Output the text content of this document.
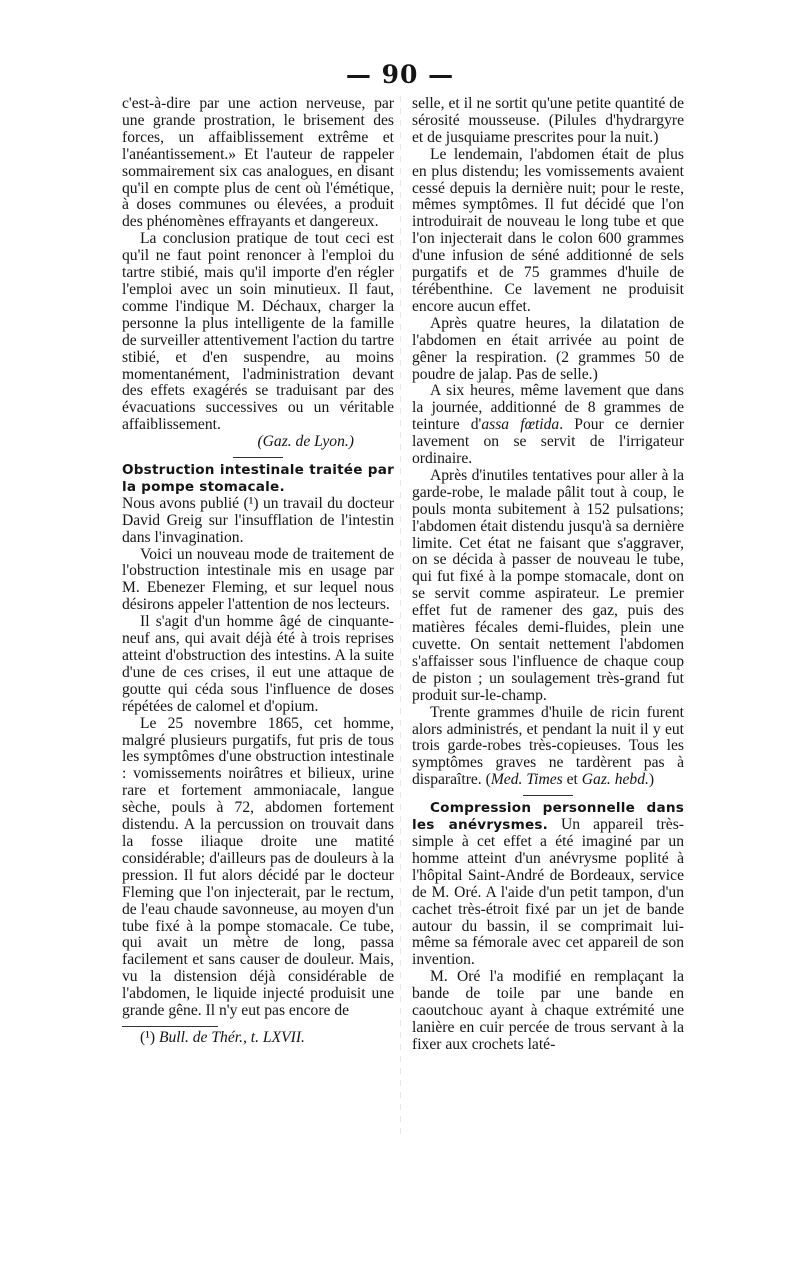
— 90 —

c'est-à-dire par une action nerveuse, par une grande prostration, le brisement des forces, un affaiblissement extrême et l'anéantissement.» Et l'auteur de rappeler sommairement six cas analogues, en disant qu'il en compte plus de cent où l'émétique, à doses communes ou élevées, a produit des phénomènes effrayants et dangereux.

La conclusion pratique de tout ceci est qu'il ne faut point renoncer à l'emploi du tartre stibié, mais qu'il importe d'en régler l'emploi avec un soin minutieux. Il faut, comme l'indique M. Déchaux, charger la personne la plus intelligente de la famille de surveiller attentivement l'action du tartre stibié, et d'en suspendre, au moins momentanément, l'administration devant des effets exagérés se traduisant par des évacuations successives ou un véritable affaiblissement.

(Gaz. de Lyon.)

Obstruction intestinale traitée par la pompe stomacale.

Nous avons publié (¹) un travail du docteur David Greig sur l'insufflation de l'intestin dans l'invagination.

Voici un nouveau mode de traitement de l'obstruction intestinale mis en usage par M. Ebenezer Fleming, et sur lequel nous désirons appeler l'attention de nos lecteurs.

Il s'agit d'un homme âgé de cinquante-neuf ans, qui avait déjà été à trois reprises atteint d'obstruction des intestins. A la suite d'une de ces crises, il eut une attaque de goutte qui céda sous l'influence de doses répétées de calomel et d'opium.

Le 25 novembre 1865, cet homme, malgré plusieurs purgatifs, fut pris de tous les symptômes d'une obstruction intestinale : vomissements noirâtres et bilieux, urine rare et fortement ammoniacale, langue sèche, pouls à 72, abdomen fortement distendu. A la percussion on trouvait dans la fosse iliaque droite une matité considérable; d'ailleurs pas de douleurs à la pression. Il fut alors décidé par le docteur Fleming que l'on injecterait, par le rectum, de l'eau chaude savonneuse, au moyen d'un tube fixé à la pompe stomacale. Ce tube, qui avait un mètre de long, passa facilement et sans causer de douleur. Mais, vu la distension déjà considérable de l'abdomen, le liquide injecté produisit une grande gêne. Il n'y eut pas encore de

(¹) Bull. de Thér., t. LXVII.

selle, et il ne sortit qu'une petite quantité de sérosité mousseuse. (Pilules d'hydrargyre et de jusquiame prescrites pour la nuit.)

Le lendemain, l'abdomen était de plus en plus distendu; les vomissements avaient cessé depuis la dernière nuit; pour le reste, mêmes symptômes. Il fut décidé que l'on introduirait de nouveau le long tube et que l'on injecterait dans le colon 600 grammes d'une infusion de séné additionné de sels purgatifs et de 75 grammes d'huile de térébenthine. Ce lavement ne produisit encore aucun effet.

Après quatre heures, la dilatation de l'abdomen en était arrivée au point de gêner la respiration. (2 grammes 50 de poudre de jalap. Pas de selle.)

A six heures, même lavement que dans la journée, additionné de 8 grammes de teinture d'assa fœtida. Pour ce dernier lavement on se servit de l'irrigateur ordinaire.

Après d'inutiles tentatives pour aller à la garde-robe, le malade pâlit tout à coup, le pouls monta subitement à 152 pulsations; l'abdomen était distendu jusqu'à sa dernière limite. Cet état ne faisant que s'aggraver, on se décida à passer de nouveau le tube, qui fut fixé à la pompe stomacale, dont on se servit comme aspirateur. Le premier effet fut de ramener des gaz, puis des matières fécales demi-fluides, plein une cuvette. On sentait nettement l'abdomen s'affaisser sous l'influence de chaque coup de piston ; un soulagement très-grand fut produit sur-le-champ.

Trente grammes d'huile de ricin furent alors administrés, et pendant la nuit il y eut trois garde-robes très-copieuses. Tous les symptômes graves ne tardèrent pas à disparaître. (Med. Times et Gaz. hebd.)

Compression personnelle dans les anévrysmes. Un appareil très-simple à cet effet a été imaginé par un homme atteint d'un anévrysme poplité à l'hôpital Saint-André de Bordeaux, service de M. Oré. A l'aide d'un petit tampon, d'un cachet très-étroit fixé par un jet de bande autour du bassin, il se comprimait lui-même sa fémorale avec cet appareil de son invention.

M. Oré l'a modifié en remplaçant la bande de toile par une bande en caoutchouc ayant à chaque extrémité une lanière en cuir percée de trous servant à la fixer aux crochets laté-
